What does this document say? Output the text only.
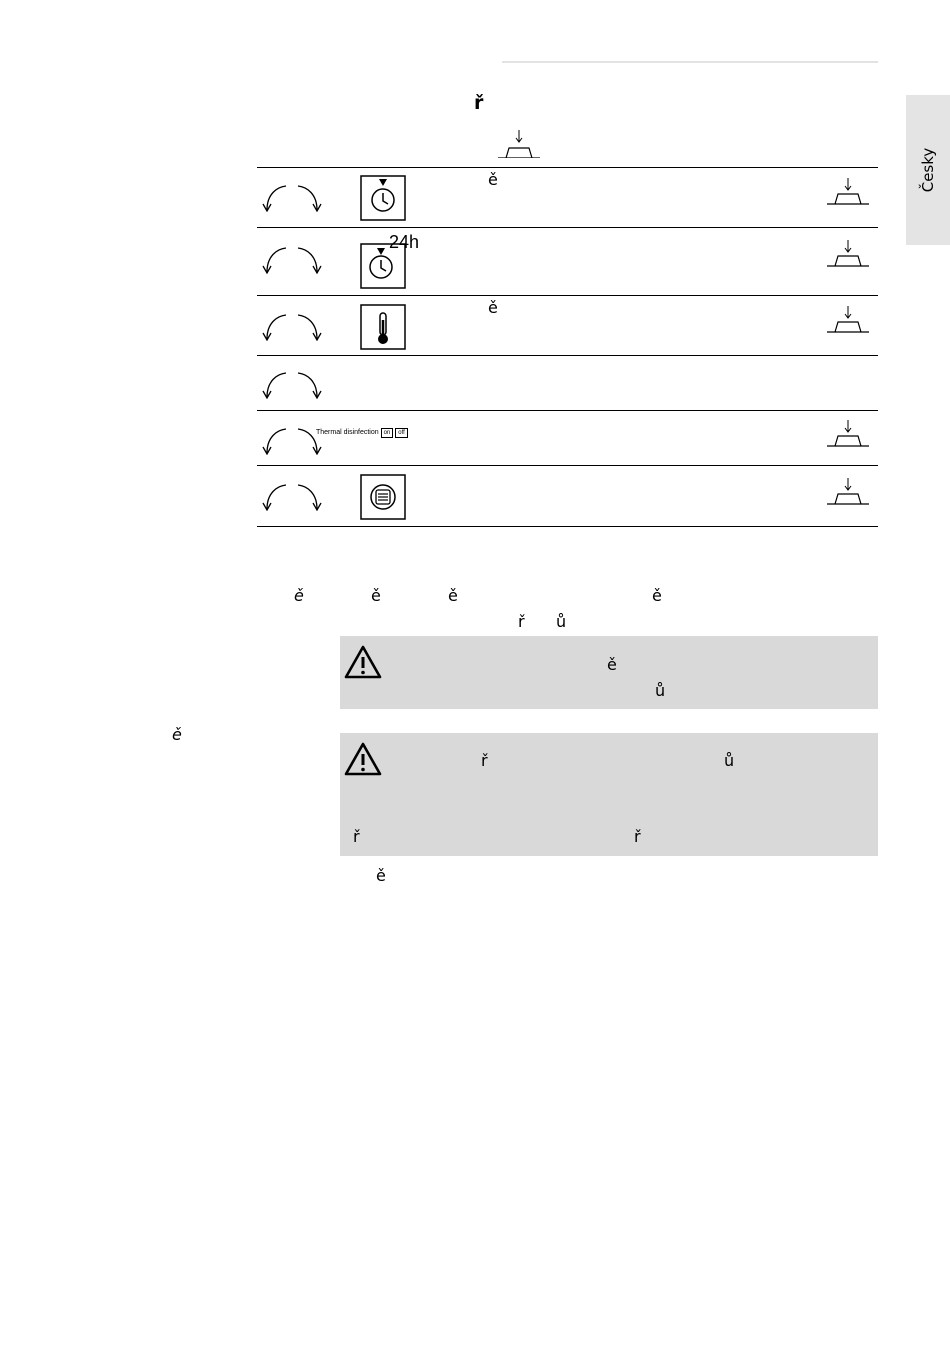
Česky
ř
ě
24h
ě
Thermal disinfection on off
ě	ě	ě	ě
ř ů
ě
ě
ů
ř	ů
ř	ř
ě
